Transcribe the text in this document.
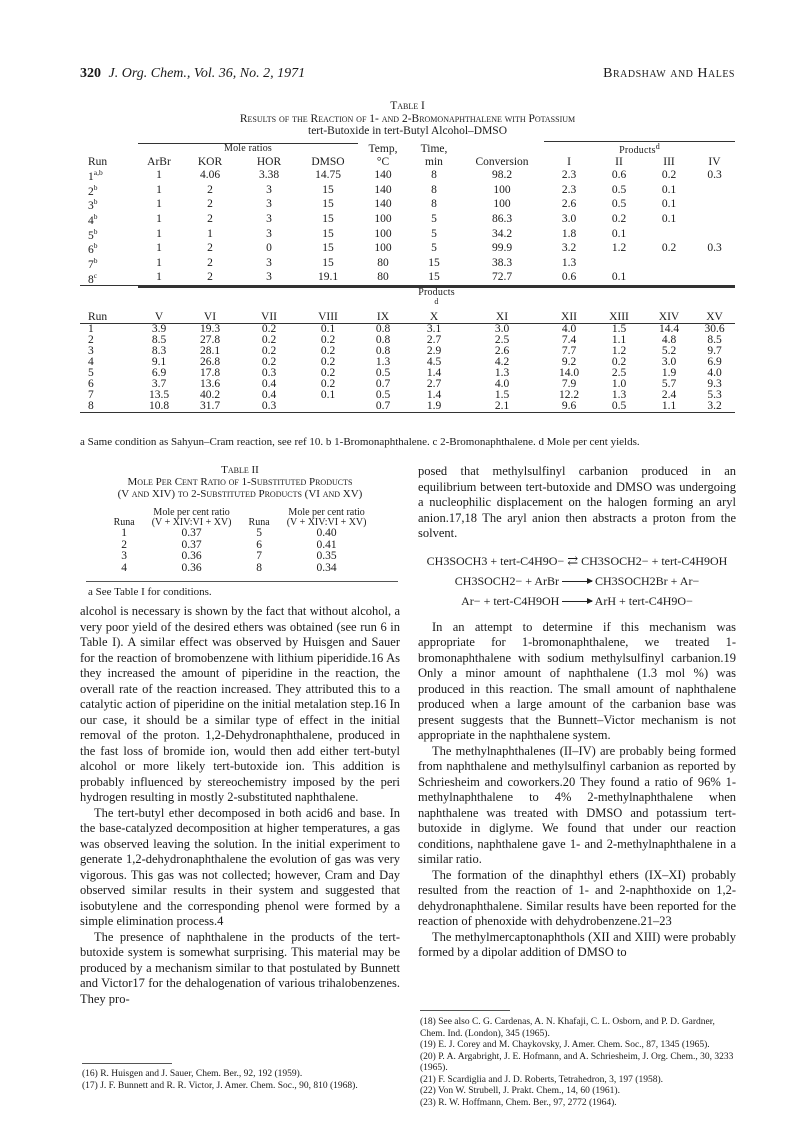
320 J. Org. Chem., Vol. 36, No. 2, 1971	Bradshaw and Hales
Table I
Results of the Reaction of 1- and 2-Bromonaphthalene with Potassium
tert-Butoxide in tert-Butyl Alcohol–DMSO
	Mole ratios				Temp,	Time,		Products$^d$
Run	ArBr	KOR	HOR	DMSO	°C	min	Conversion	I	II	III	IV
1$^{a,b}$	1	4.06	3.38	14.75	140	8	98.2	2.3	0.6	0.2	0.3
2$^b$	1	2	3	15	140	8	100	2.3	0.5	0.1	
3$^b$	1	2	3	15	140	8	100	2.6	0.5	0.1	
4$^b$	1	2	3	15	100	5	86.3	3.0	0.2	0.1	
5$^b$	1	1	3	15	100	5	34.2	1.8	0.1		
6$^b$	1	2	0	15	100	5	99.9	3.2	1.2	0.2	0.3
7$^b$	1	2	3	15	80	15	38.3	1.3			
8$^c$	1	2	3	19.1	80	15	72.7	0.6	0.1		
	Products$^d$
Run	V	VI	VII	VIII	IX	X	XI	XII	XIII	XIV	XV
1	3.9	19.3	0.2	0.1	0.8	3.1	3.0	4.0	1.5	14.4	30.6
2	8.5	27.8	0.2	0.2	0.8	2.7	2.5	7.4	1.1	4.8	8.5
3	8.3	28.1	0.2	0.2	0.8	2.9	2.6	7.7	1.2	5.2	9.7
4	9.1	26.8	0.2	0.2	1.3	4.5	4.2	9.2	0.2	3.0	6.9
5	6.9	17.8	0.3	0.2	0.5	1.4	1.3	14.0	2.5	1.9	4.0
6	3.7	13.6	0.4	0.2	0.7	2.7	4.0	7.9	1.0	5.7	9.3
7	13.5	40.2	0.4	0.1	0.5	1.4	1.5	12.2	1.3	2.4	5.3
8	10.8	31.7	0.3		0.7	1.9	2.1	9.6	0.5	1.1	3.2
a Same condition as Sahyun–Cram reaction, see ref 10. b 1-Bromonaphthalene. c 2-Bromonaphthalene. d Mole per cent yields.
Table II
Mole Per Cent Ratio of 1-Substituted Products
(V and XIV) to 2-Substituted Products (VI and XV)
Runa	Mole per cent ratio	Runa	Mole per cent ratio
	(V + XIV:VI + XV)		(V + XIV:VI + XV)
1	0.37	5	0.40
2	0.37	6	0.41
3	0.36	7	0.35
4	0.36	8	0.34
a See Table I for conditions.

alcohol is necessary is shown by the fact that without alcohol, a very poor yield of the desired ethers was obtained (see run 6 in Table I). A similar effect was observed by Huisgen and Sauer for the reaction of bromobenzene with lithium piperidide.16 As they increased the amount of piperidine in the reaction, the overall rate of the reaction increased. They attributed this to a catalytic action of piperidine on the initial metalation step.16 In our case, it should be a similar type of effect in the initial removal of the proton. 1,2-Dehydronaphthalene, produced in the fast loss of bromide ion, would then add either tert-butyl alcohol or more likely tert-butoxide ion. This addition is probably influenced by stereochemistry imposed by the peri hydrogen resulting in mostly 2-substituted naphthalene.

The tert-butyl ether decomposed in both acid6 and base. In the base-catalyzed decomposition at higher temperatures, a gas was observed leaving the solution. In the initial experiment to generate 1,2-dehydronaphthalene the evolution of gas was very vigorous. This gas was not collected; however, Cram and Day observed similar results in their system and suggested that isobutylene and the corresponding phenol were formed by a simple elimination process.4

The presence of naphthalene in the products of the tert-butoxide system is somewhat surprising. This material may be produced by a mechanism similar to that postulated by Bunnett and Victor17 for the dehalogenation of various trihalobenzenes. They pro-

(16) R. Huisgen and J. Sauer, Chem. Ber., 92, 192 (1959).
(17) J. F. Bunnett and R. R. Victor, J. Amer. Chem. Soc., 90, 810 (1968).

posed that methylsulfinyl carbanion produced in an equilibrium between tert-butoxide and DMSO was undergoing a nucleophilic displacement on the halogen forming an aryl anion.17,18 The aryl anion then abstracts a proton from the solvent.

CH3SOCH3 + tert-C4H9O− ⇄ CH3SOCH2− + tert-C4H9OH
CH3SOCH2− + ArBr → CH3SOCH2Br + Ar−
Ar− + tert-C4H9OH → ArH + tert-C4H9O−

In an attempt to determine if this mechanism was appropriate for 1-bromonaphthalene, we treated 1-bromonaphthalene with sodium methylsulfinyl carbanion.19 Only a minor amount of naphthalene (1.3 mol %) was produced in this reaction. The small amount of naphthalene produced when a large amount of the carbanion base was present suggests that the Bunnett–Victor mechanism is not appropriate in the naphthalene system.

The methylnaphthalenes (II–IV) are probably being formed from naphthalene and methylsulfinyl carbanion as reported by Schriesheim and coworkers.20 They found a ratio of 96% 1-methylnaphthalene to 4% 2-methylnaphthalene when naphthalene was treated with DMSO and potassium tert-butoxide in diglyme. We found that under our reaction conditions, naphthalene gave 1- and 2-methylnaphthalene in a similar ratio.

The formation of the dinaphthyl ethers (IX–XI) probably resulted from the reaction of 1- and 2-naphthoxide on 1,2-dehydronaphthalene. Similar results have been reported for the reaction of phenoxide with dehydrobenzene.21–23

The methylmercaptonaphthols (XII and XIII) were probably formed by a dipolar addition of DMSO to

(18) See also C. G. Cardenas, A. N. Khafaji, C. L. Osborn, and P. D. Gardner, Chem. Ind. (London), 345 (1965).
(19) E. J. Corey and M. Chaykovsky, J. Amer. Chem. Soc., 87, 1345 (1965).
(20) P. A. Argabright, J. E. Hofmann, and A. Schriesheim, J. Org. Chem., 30, 3233 (1965).
(21) F. Scardiglia and J. D. Roberts, Tetrahedron, 3, 197 (1958).
(22) Von W. Strubell, J. Prakt. Chem., 14, 60 (1961).
(23) R. W. Hoffmann, Chem. Ber., 97, 2772 (1964).
